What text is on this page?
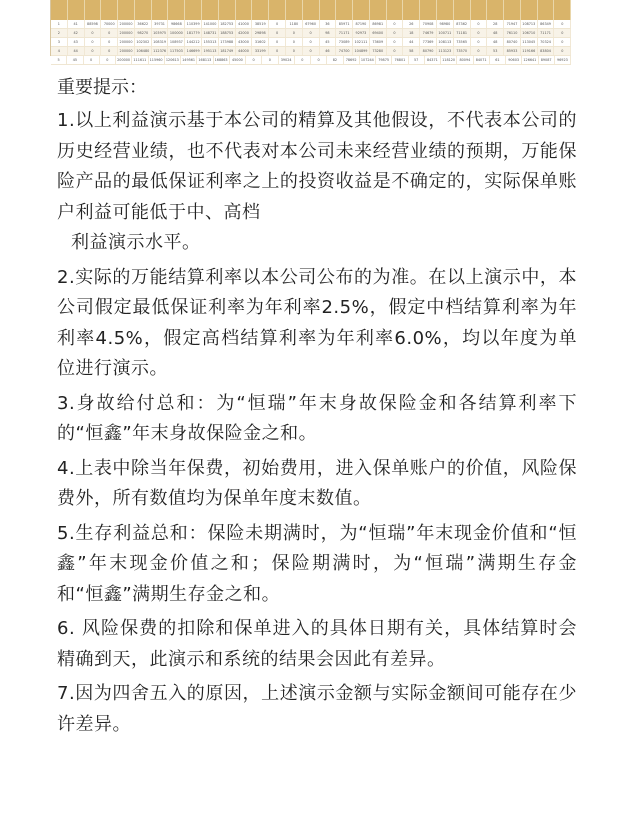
1	41	88598	70000	200000	36622	39731	98668	110399	141000	182753	41000	38519	0	1180	67960	36	85971	87190	86981	0	26	70908	98980	87362	0	28	71947	108713	86349	0
2	42	0	0	200000	98270	103975	100000	181779	148731	188753	42000	29898	0	0	0	98	71171	92973	69400	0	18	74679	100711	71181	0	48	76110	106710	71171	0
3	43	0	0	200000	102302	108319	108937	144212	155313	173988	43000	31602	0	0	0	45	73089	102111	73609	0	44	77369	108113	73565	0	48	80740	113045	70324	0
4	44	0	0	200000	106480	112376	117503	146699	195113	181749	44000	33199	0	0	0	46	74700	104899	73280	0	58	80790	113123	73570	0	53	85933	119166	83804	0
5	45	0	0	200000 111611 115960 120613 149561 168113 168863	45000	0	0	39024	0	0	82	78692	107244	79875	76801	57	84371	118120	80094	84071	61	90603	126641	89087	96923
重要提示：

1.以上利益演示基于本公司的精算及其他假设，不代表本公司的历史经营业绩，也不代表对本公司未来经营业绩的预期，万能保险产品的最低保证利率之上的投资收益是不确定的，实际保单账户利益可能低于中、高档
利益演示水平。

2.实际的万能结算利率以本公司公布的为准。在以上演示中，本公司假定最低保证利率为年利率2.5%，假定中档结算利率为年利率4.5%，假定高档结算利率为年利率6.0%，均以年度为单位进行演示。

3.身故给付总和：为“恒瑞”年末身故保险金和各结算利率下的“恒鑫”年末身故保险金之和。

4.上表中除当年保费，初始费用，进入保单账户的价值，风险保费外，所有数值均为保单年度末数值。

5.生存利益总和：保险未期满时，为“恒瑞”年末现金价值和“恒鑫”年末现金价值之和；保险期满时，为“恒瑞”满期生存金和“恒鑫”满期生存金之和。

6. 风险保费的扣除和保单进入的具体日期有关，具体结算时会精确到天，此演示和系统的结果会因此有差异。

7.因为四舍五入的原因，上述演示金额与实际金额间可能存在少许差异。
